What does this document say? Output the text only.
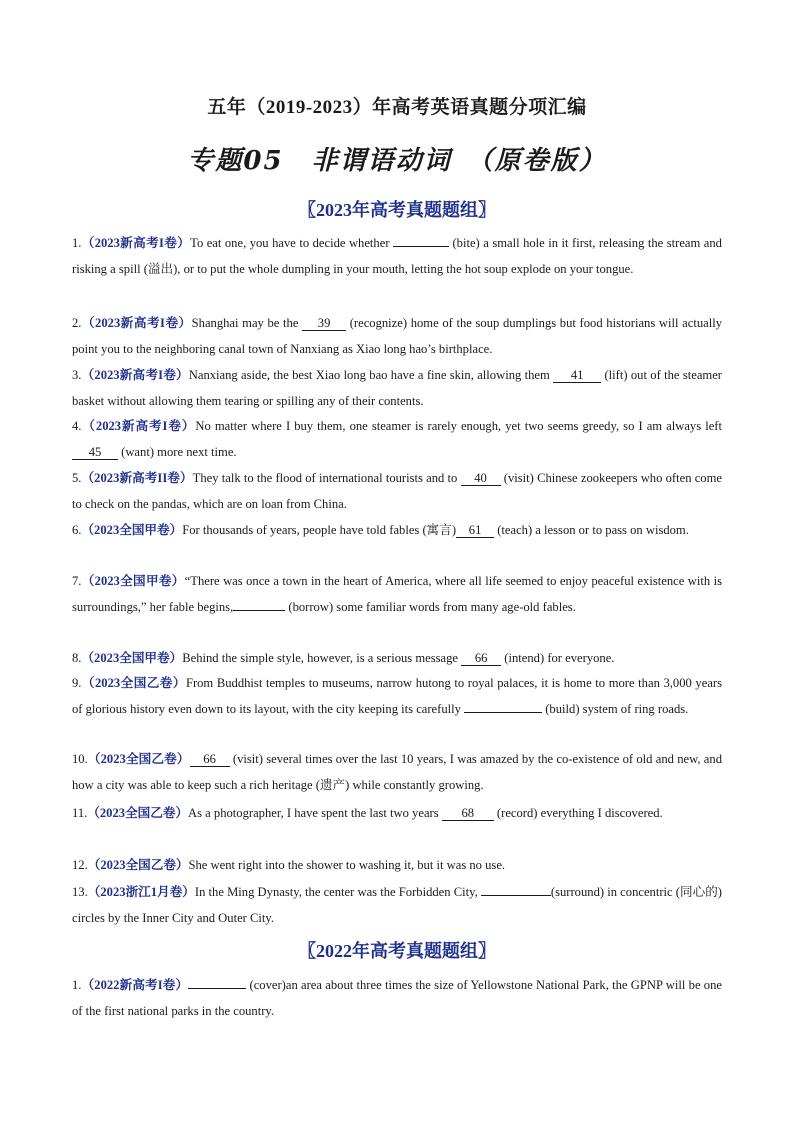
五年（2019-2023）年高考英语真题分项汇编
专题05　非谓语动词　（原卷版）
〖2023年高考真题题组〗

1.（2023新高考I卷）To eat one, you have to decide whether	(bite) a small hole in it first, releasing the stream and risking a spill (溢出), or to put the whole dumpling in your mouth, letting the hot soup explode on your tongue.

2.（2023新高考I卷）Shanghai may be the 39 (recognize) home of the soup dumplings but food historians will actually point you to the neighboring canal town of Nanxiang as Xiao long hao’s birthplace.

3.（2023新高考I卷）Nanxiang aside, the best Xiao long bao have a fine skin, allowing them 41 (lift) out of the steamer basket without allowing them tearing or spilling any of their contents.

4.（2023新高考I卷）No matter where I buy them, one steamer is rarely enough, yet two seems greedy, so I am always left 45 (want) more next time.

5.（2023新高考II卷）They talk to the flood of international tourists and to 40 (visit) Chinese zookeepers who often come to check on the pandas, which are on loan from China.

6.（2023全国甲卷）For thousands of years, people have told fables (寓言) 61 (teach) a lesson or to pass on wisdom.

7.（2023全国甲卷）“There was once a town in the heart of America, where all life seemed to enjoy peaceful existence with is surroundings,” her fable begins,	(borrow) some familiar words from many age-old fables.

8.（2023全国甲卷）Behind the simple style, however, is a serious message 66 (intend) for everyone.

9.（2023全国乙卷）From Buddhist temples to museums, narrow hutong to royal palaces, it is home to more than 3,000 years of glorious history even down to its layout, with the city keeping its carefully	(build) system of ring roads.

10.（2023全国乙卷） 66 (visit) several times over the last 10 years, I was amazed by the co-existence of old and new, and how a city was able to keep such a rich heritage (遗产) while constantly growing.

11.（2023全国乙卷）As a photographer, I have spent the last two years 68 (record) everything I discovered.

12.（2023全国乙卷）She went right into the shower to washing it, but it was no use.

13.（2023浙江1月卷）In the Ming Dynasty, the center was the Forbidden City,	(surround) in concentric (同心的) circles by the Inner City and Outer City.

〖2022年高考真题题组〗

1.（2022新高考I卷）	(cover)an area about three times the size of Yellowstone National Park, the GPNP will be one of the first national parks in the country.
